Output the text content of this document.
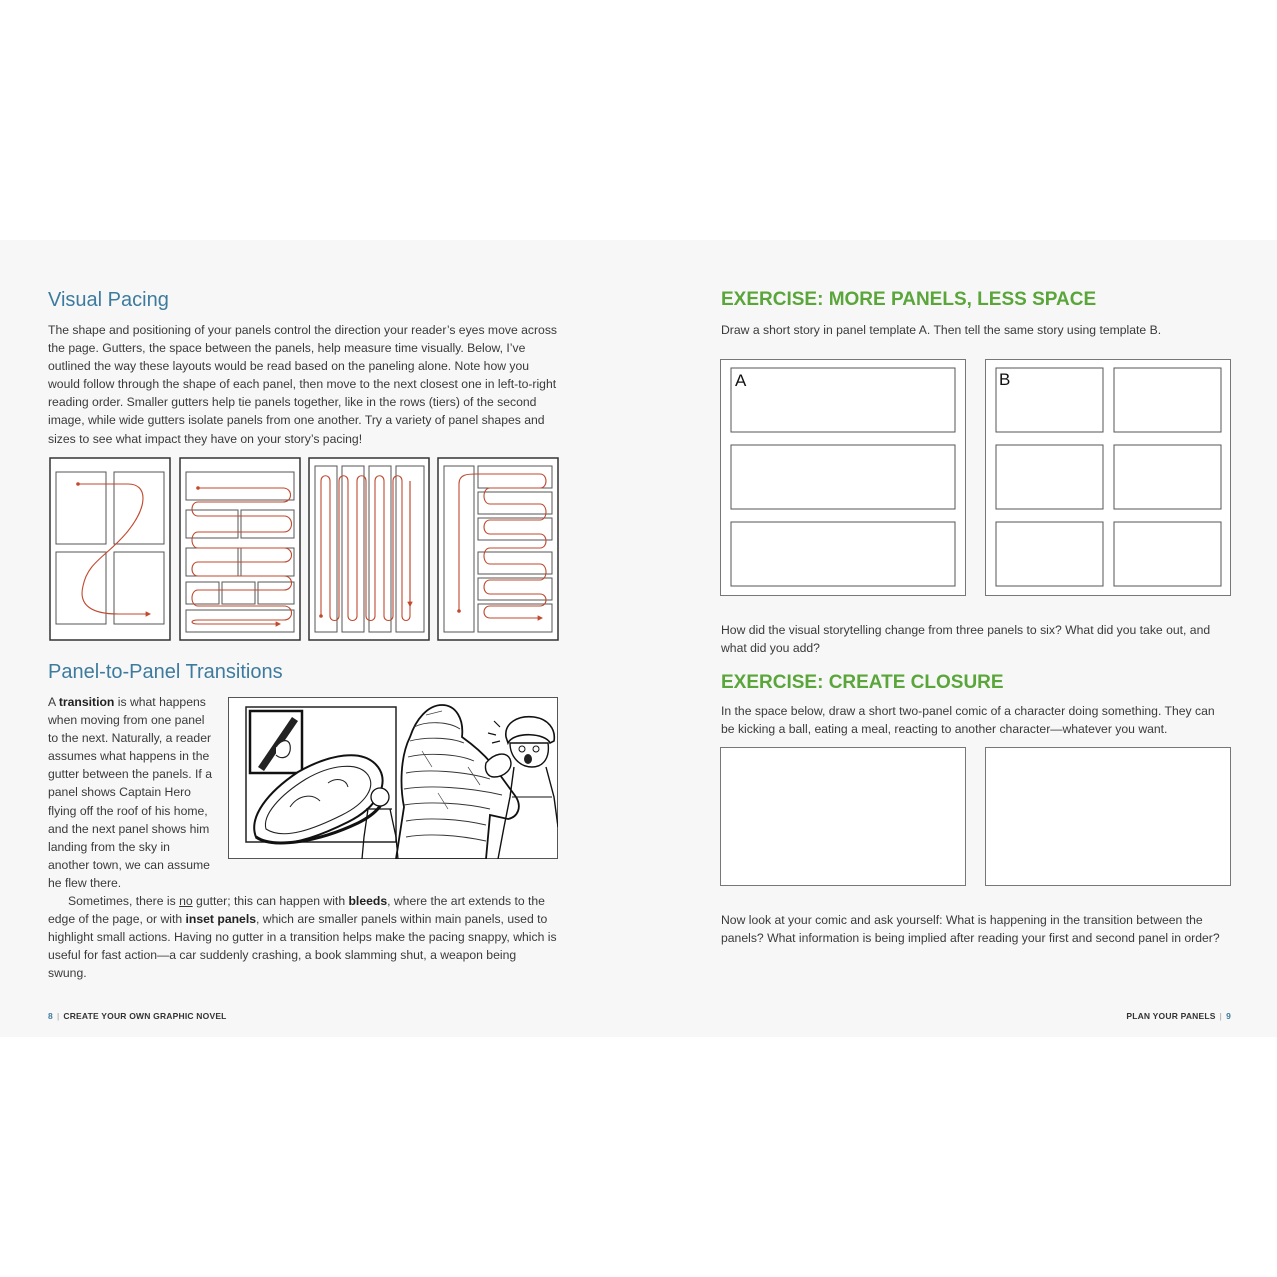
Visual Pacing

The shape and positioning of your panels control the direction your reader’s eyes move across the page. Gutters, the space between the panels, help measure time visually. Below, I’ve outlined the way these layouts would be read based on the paneling alone. Note how you would follow through the shape of each panel, then move to the next closest one in left-to-right reading order. Smaller gutters help tie panels together, like in the rows (tiers) of the second image, while wide gutters isolate panels from one another. Try a variety of panel shapes and sizes to see what impact they have on your story’s pacing!

Panel-to-Panel Transitions

A transition is what happens when moving from one panel to the next. Naturally, a reader assumes what happens in the gutter between the panels. If a panel shows Captain Hero flying off the roof of his home, and the next panel shows him landing from the sky in another town, we can assume he flew there.

Sometimes, there is no gutter; this can happen with bleeds, where the art extends to the edge of the page, or with inset panels, which are smaller panels within main panels, used to highlight small actions. Having no gutter in a transition helps make the pacing snappy, which is useful for fast action—a car suddenly crashing, a book slamming shut, a weapon being swung.

8 | CREATE YOUR OWN GRAPHIC NOVEL
EXERCISE: MORE PANELS, LESS SPACE

Draw a short story in panel template A. Then tell the same story using template B.

A	B

How did the visual storytelling change from three panels to six? What did you take out, and what did you add?

EXERCISE: CREATE CLOSURE

In the space below, draw a short two-panel comic of a character doing something. They can be kicking a ball, eating a meal, reacting to another character—whatever you want.

Now look at your comic and ask yourself: What is happening in the transition between the panels? What information is being implied after reading your first and second panel in order?

PLAN YOUR PANELS | 9
